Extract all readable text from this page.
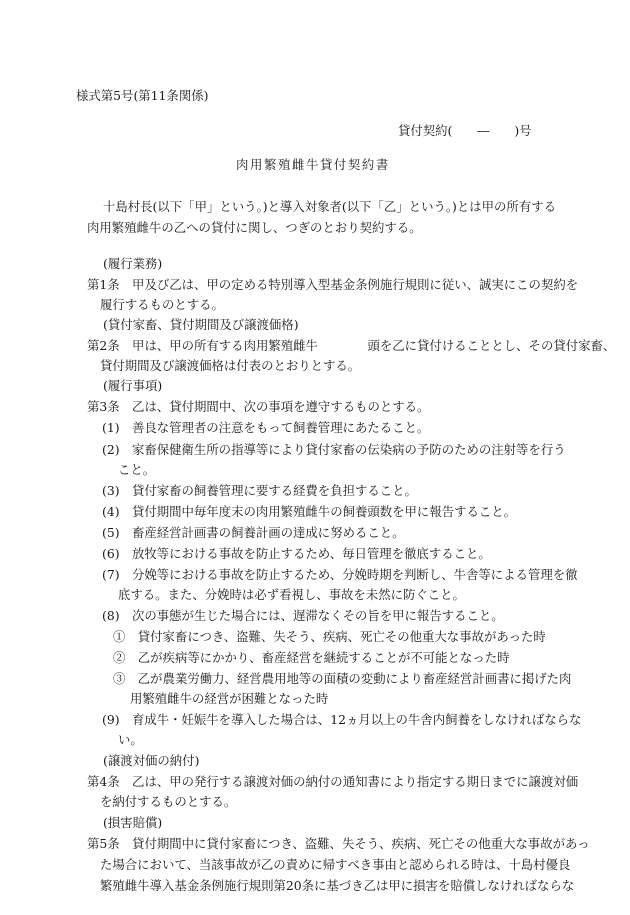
様式第5号(第11条関係)
貸付契約(　　―　　)号
肉用繁殖雌牛貸付契約書
十島村長(以下「甲」という。)と導入対象者(以下「乙」という。)とは甲の所有する
肉用繁殖雌牛の乙への貸付に関し、つぎのとおり契約する。
(履行業務)
第1条　甲及び乙は、甲の定める特別導入型基金条例施行規則に従い、誠実にこの契約を
履行するものとする。
(貸付家畜、貸付期間及び譲渡価格)
第2条　甲は、甲の所有する肉用繁殖雌牛　　　　頭を乙に貸付けることとし、その貸付家畜、
貸付期間及び譲渡価格は付表のとおりとする。
(履行事項)
第3条　乙は、貸付期間中、次の事項を遵守するものとする。
(1)　善良な管理者の注意をもって飼養管理にあたること。
(2)　家畜保健衛生所の指導等により貸付家畜の伝染病の予防のための注射等を行う
こと。
(3)　貸付家畜の飼養管理に要する経費を負担すること。
(4)　貸付期間中毎年度末の肉用繁殖雌牛の飼養頭数を甲に報告すること。
(5)　畜産経営計画書の飼養計画の達成に努めること。
(6)　放牧等における事故を防止するため、毎日管理を徹底すること。
(7)　分娩等における事故を防止するため、分娩時期を判断し、牛舎等による管理を徹
底する。また、分娩時は必ず看視し、事故を未然に防ぐこと。
(8)　次の事態が生じた場合には、遅滞なくその旨を甲に報告すること。
①　貸付家畜につき、盗難、失そう、疾病、死亡その他重大な事故があった時
②　乙が疾病等にかかり、畜産経営を継続することが不可能となった時
③　乙が農業労働力、経営農用地等の面積の変動により畜産経営計画書に掲げた肉
用繁殖雌牛の経営が困難となった時
(9)　育成牛・妊娠牛を導入した場合は、12ヵ月以上の牛舎内飼養をしなければならな
い。
(譲渡対価の納付)
第4条　乙は、甲の発行する譲渡対価の納付の通知書により指定する期日までに譲渡対価
を納付するものとする。
(損害賠償)
第5条　貸付期間中に貸付家畜につき、盗難、失そう、疾病、死亡その他重大な事故があっ
た場合において、当該事故が乙の責めに帰すべき事由と認められる時は、十島村優良
繁殖雌牛導入基金条例施行規則第20条に基づき乙は甲に損害を賠償しなければならな
